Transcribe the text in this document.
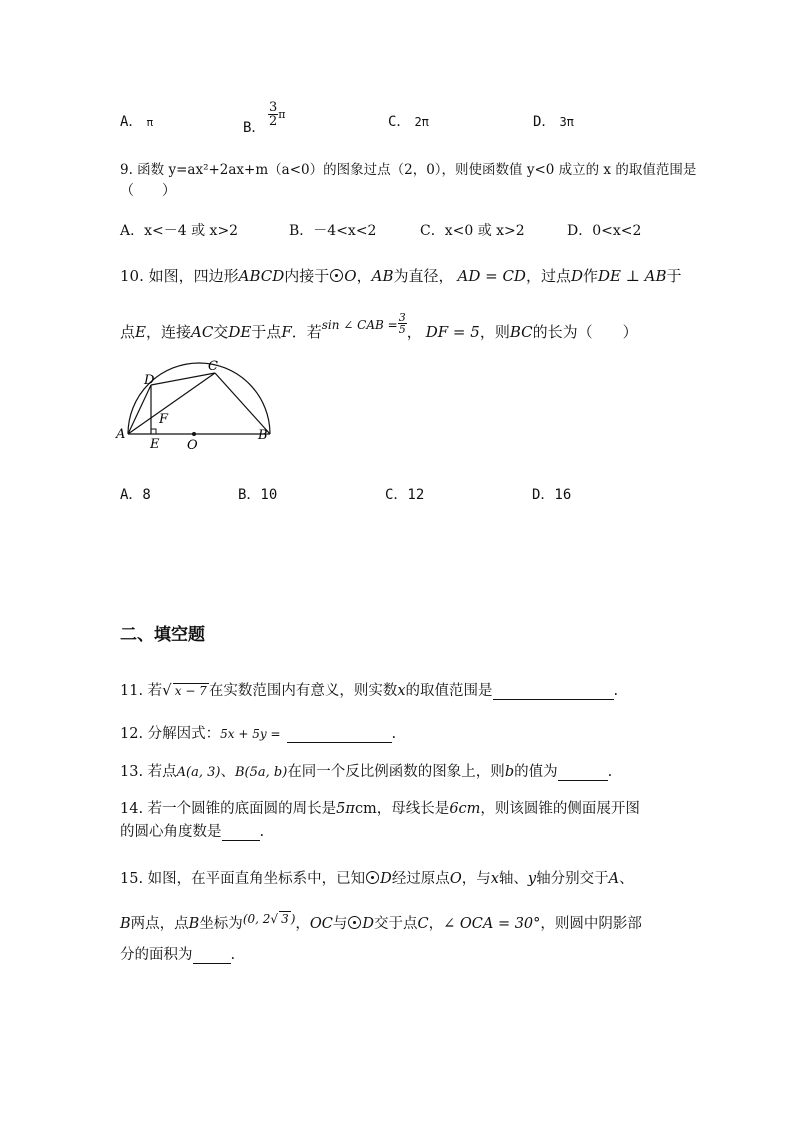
A． π	B． $\frac{3}{2}$ π	C． 2π	D． 3π
9. 函数 y=ax²+2ax+m（a<0）的图象过点（2，0），则使函数值 y<0 成立的 x 的取值范围是
（　　）
A．x<－4 或 x>2	B．－4<x<2	C．x<0 或 x>2	D．0<x<2
10. 如图，四边形ABCD内接于 O，AB为直径， AD = CD，过点D作DE ⊥ AB于
点E，连接AC交DE于点F．若$^{sin \angle CAB =} \frac{3}{5}$ ， DF = 5，则BC的长为（　　）
A	B
C
D
E
F
O
A．8	B．10	C．12	D．16
二、填空题
11. 若√ x − 7 在实数范围内有意义，则实数x的取值范围是	.
12. 分解因式：5x + 5y =	.
13. 若点A(a, 3)、B(5a, b)在同一个反比例函数的图象上，则b的值为	.
14. 若一个圆锥的底面圆的周长是5πcm，母线长是6cm，则该圆锥的侧面展开图
的圆心角度数是	.
15. 如图，在平面直角坐标系中，已知 D经过原点O，与x轴、y轴分别交于A、
B两点，点B坐标为$^{(0, 2√}$ 3 )，OC与 D交于点C，∠ OCA = 30°，则圆中阴影部
分的面积为	.
